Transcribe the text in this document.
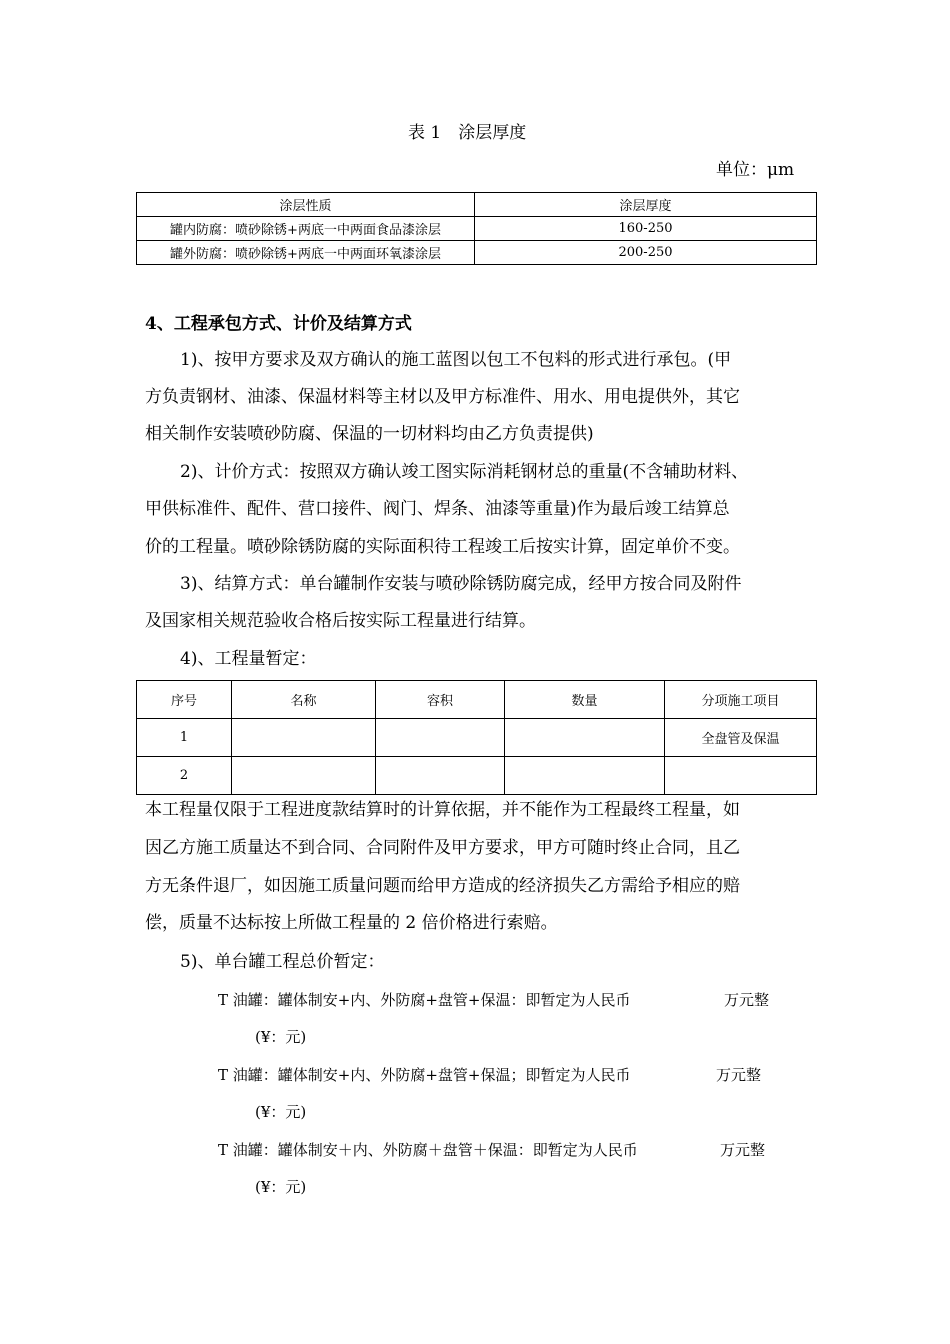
表 1　涂层厚度
单位：μm
涂层性质	涂层厚度
罐内防腐：喷砂除锈+两底一中两面食品漆涂层	160-250
罐外防腐：喷砂除锈+两底一中两面环氧漆涂层	200-250
4、工程承包方式、计价及结算方式
1)、按甲方要求及双方确认的施工蓝图以包工不包料的形式进行承包。(甲
方负责钢材、油漆、保温材料等主材以及甲方标准件、用水、用电提供外，其它
相关制作安装喷砂防腐、保温的一切材料均由乙方负责提供)
2)、计价方式：按照双方确认竣工图实际消耗钢材总的重量(不含辅助材料、
甲供标准件、配件、营口接件、阀门、焊条、油漆等重量)作为最后竣工结算总
价的工程量。喷砂除锈防腐的实际面积待工程竣工后按实计算，固定单价不变。
3)、结算方式：单台罐制作安装与喷砂除锈防腐完成，经甲方按合同及附件
及国家相关规范验收合格后按实际工程量进行结算。
4)、工程量暂定：
序号	名称	容积	数量	分项施工项目
1				全盘管及保温
2				
本工程量仅限于工程进度款结算时的计算依据，并不能作为工程最终工程量，如
因乙方施工质量达不到合同、合同附件及甲方要求，甲方可随时终止合同，且乙
方无条件退厂，如因施工质量问题而给甲方造成的经济损失乙方需给予相应的赔
偿，质量不达标按上所做工程量的 2 倍价格进行索赔。
5)、单台罐工程总价暂定：
T 油罐：罐体制安+内、外防腐+盘管+保温：即暂定为人民币	万元整
(¥：元)
T 油罐：罐体制安+内、外防腐+盘管+保温；即暂定为人民币	万元整
(¥：元)
T 油罐：罐体制安＋内、外防腐＋盘管＋保温：即暂定为人民币	万元整
(¥：元)
